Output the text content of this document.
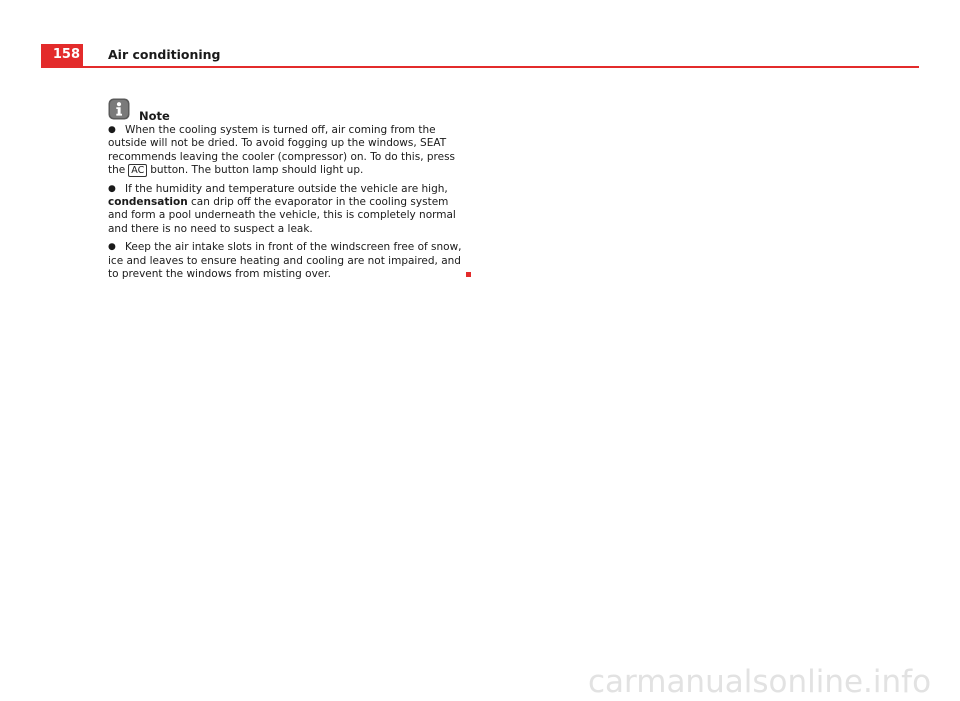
158 Air conditioning
Note

● When the cooling system is turned off, air coming from the outside will not be dried. To avoid fogging up the windows, SEAT recommends leaving the cooler (compressor) on. To do this, press the AC button. The button lamp should light up.

● If the humidity and temperature outside the vehicle are high, condensation can drip off the evaporator in the cooling system and form a pool underneath the vehicle, this is completely normal and there is no need to suspect a leak.

● Keep the air intake slots in front of the windscreen free of snow, ice and leaves to ensure heating and cooling are not impaired, and to prevent the windows from misting over.

carmanualsonline.info
